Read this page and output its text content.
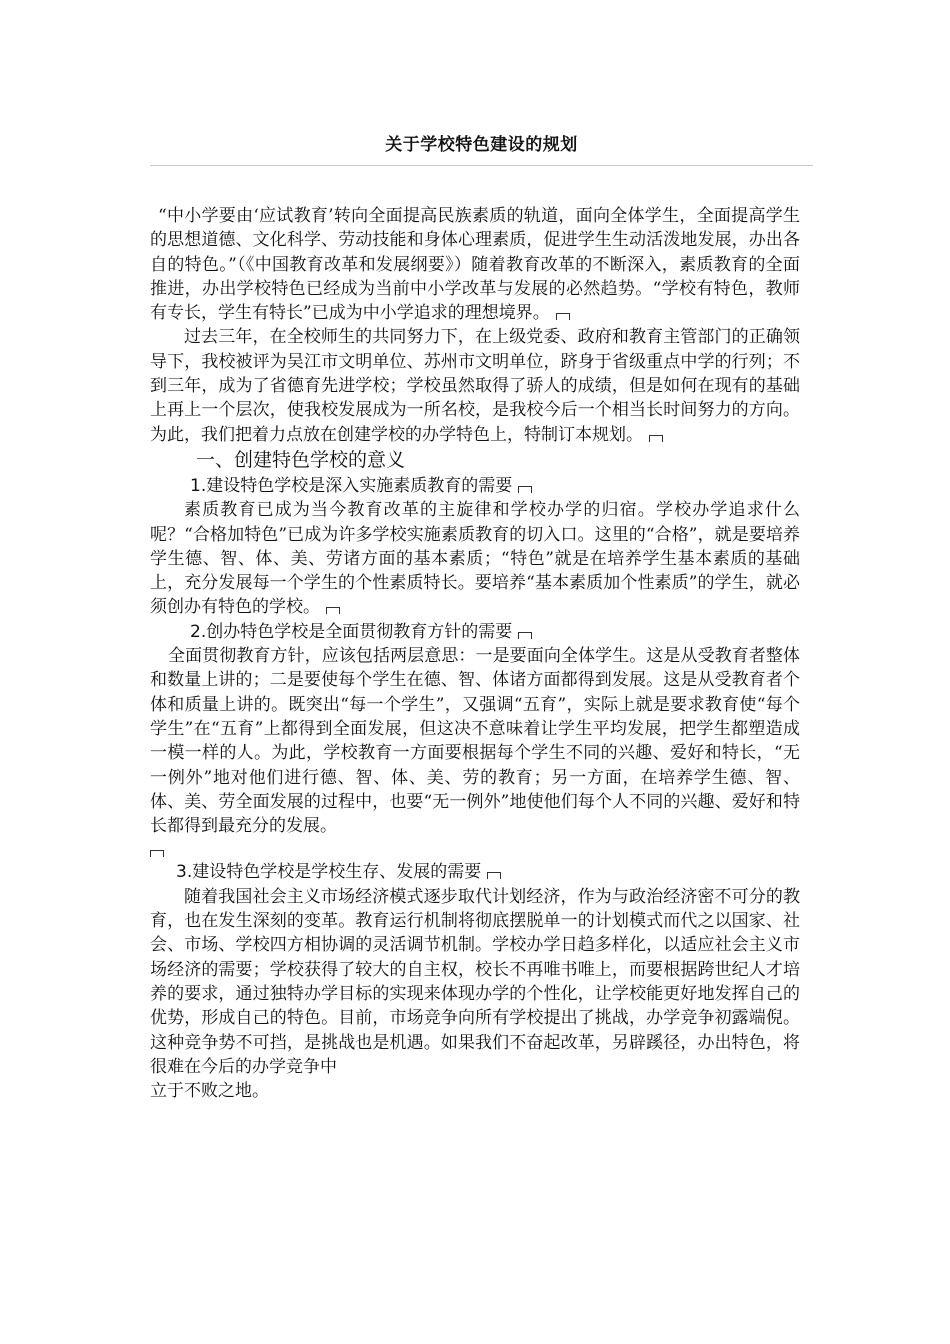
关于学校特色建设的规划

“中小学要由‘应试教育’转向全面提高民族素质的轨道，面向全体学生，全面提高学生的思想道德、文化科学、劳动技能和身体心理素质，促进学生生动活泼地发展，办出各自的特色。”（《中国教育改革和发展纲要》）随着教育改革的不断深入，素质教育的全面推进，办出学校特色已经成为当前中小学改革与发展的必然趋势。“学校有特色，教师有专长，学生有特长”已成为中小学追求的理想境界。

过去三年，在全校师生的共同努力下，在上级党委、政府和教育主管部门的正确领导下，我校被评为吴江市文明单位、苏州市文明单位，跻身于省级重点中学的行列；不到三年，成为了省德育先进学校；学校虽然取得了骄人的成绩，但是如何在现有的基础上再上一个层次，使我校发展成为一所名校，是我校今后一个相当长时间努力的方向。为此，我们把着力点放在创建学校的办学特色上，特制订本规划。

一、创建特色学校的意义

1.建设特色学校是深入实施素质教育的需要

素质教育已成为当今教育改革的主旋律和学校办学的归宿。学校办学追求什么呢？“合格加特色”已成为许多学校实施素质教育的切入口。这里的“合格”，就是要培养学生德、智、体、美、劳诸方面的基本素质；“特色”就是在培养学生基本素质的基础上，充分发展每一个学生的个性素质特长。要培养“基本素质加个性素质”的学生，就必须创办有特色的学校。

2.创办特色学校是全面贯彻教育方针的需要

全面贯彻教育方针，应该包括两层意思：一是要面向全体学生。这是从受教育者整体和数量上讲的；二是要使每个学生在德、智、体诸方面都得到发展。这是从受教育者个体和质量上讲的。既突出“每一个学生”，又强调“五育”，实际上就是要求教育使“每个学生”在“五育”上都得到全面发展，但这决不意味着让学生平均发展，把学生都塑造成一模一样的人。为此，学校教育一方面要根据每个学生不同的兴趣、爱好和特长，“无一例外”地对他们进行德、智、体、美、劳的教育；另一方面，在培养学生德、智、体、美、劳全面发展的过程中，也要“无一例外”地使他们每个人不同的兴趣、爱好和特长都得到最充分的发展。

3.建设特色学校是学校生存、发展的需要

随着我国社会主义市场经济模式逐步取代计划经济，作为与政治经济密不可分的教育，也在发生深刻的变革。教育运行机制将彻底摆脱单一的计划模式而代之以国家、社会、市场、学校四方相协调的灵活调节机制。学校办学日趋多样化，以适应社会主义市场经济的需要；学校获得了较大的自主权，校长不再唯书唯上，而要根据跨世纪人才培养的要求，通过独特办学目标的实现来体现办学的个性化，让学校能更好地发挥自己的优势，形成自己的特色。目前，市场竞争向所有学校提出了挑战，办学竞争初露端倪。这种竞争势不可挡，是挑战也是机遇。如果我们不奋起改革，另辟蹊径，办出特色，将很难在今后的办学竞争中

立于不败之地。
